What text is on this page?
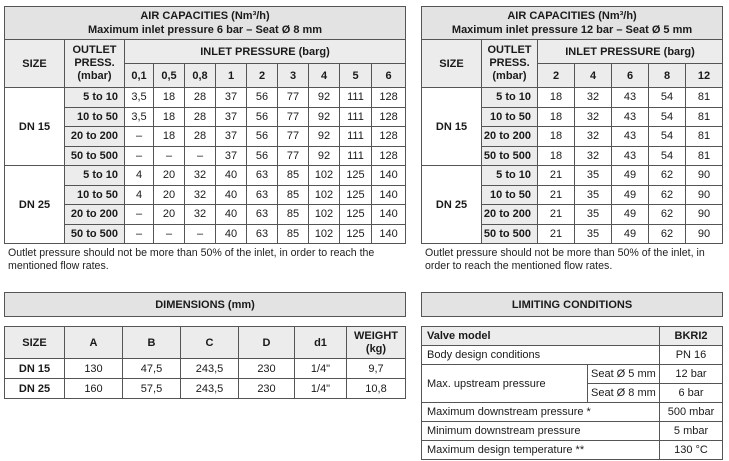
AIR CAPACITIES (Nm³/h)
Maximum inlet pressure 6 bar – Seat Ø 8 mm										

SIZE	OUTLET
PRESS.
(mbar)	INLET PRESSURE (barg)								
		0,1	0,5	0,8	1	2	3	4	5	6
DN 15	5 to 10	3,5	18	28	37	56	77	92	111	128
	10 to 50	3,5	18	28	37	56	77	92	111	128
	20 to 200	–	18	28	37	56	77	92	111	128
	50 to 500	–	–	–	37	56	77	92	111	128
DN 25	5 to 10	4	20	32	40	63	85	102	125	140
	10 to 50	4	20	32	40	63	85	102	125	140
	20 to 200	–	20	32	40	63	85	102	125	140
	50 to 500	–	–	–	40	63	85	102	125	140
Outlet pressure should not be more than 50% of the inlet, in order to reach the mentioned flow rates.
AIR CAPACITIES (Nm³/h)
Maximum inlet pressure 12 bar – Seat Ø 5 mm						

SIZE	OUTLET
PRESS.
(mbar)	INLET PRESSURE (barg)				
		2	4	6	8	12
DN 15	5 to 10	18	32	43	54	81
	10 to 50	18	32	43	54	81
	20 to 200	18	32	43	54	81
	50 to 500	18	32	43	54	81
DN 25	5 to 10	21	35	49	62	90
	10 to 50	21	35	49	62	90
	20 to 200	21	35	49	62	90
	50 to 500	21	35	49	62	90
Outlet pressure should not be more than 50% of the inlet, in order to reach the mentioned flow rates.
DIMENSIONS (mm)						

SIZE	A	B	C	D	d1	WEIGHT
(kg)

DN 15	130	47,5	243,5	230	1/4"	9,7
DN 25	160	57,5	243,5	230	1/4"	10,8
LIMITING CONDITIONS		

Valve model		BKRI2
Body design conditions		PN 16
Max. upstream pressure	Seat Ø 5 mm	12 bar
	Seat Ø 8 mm	6 bar
Maximum downstream pressure *		500 mbar
Minimum downstream pressure		5 mbar
Maximum design temperature **		130 °C
